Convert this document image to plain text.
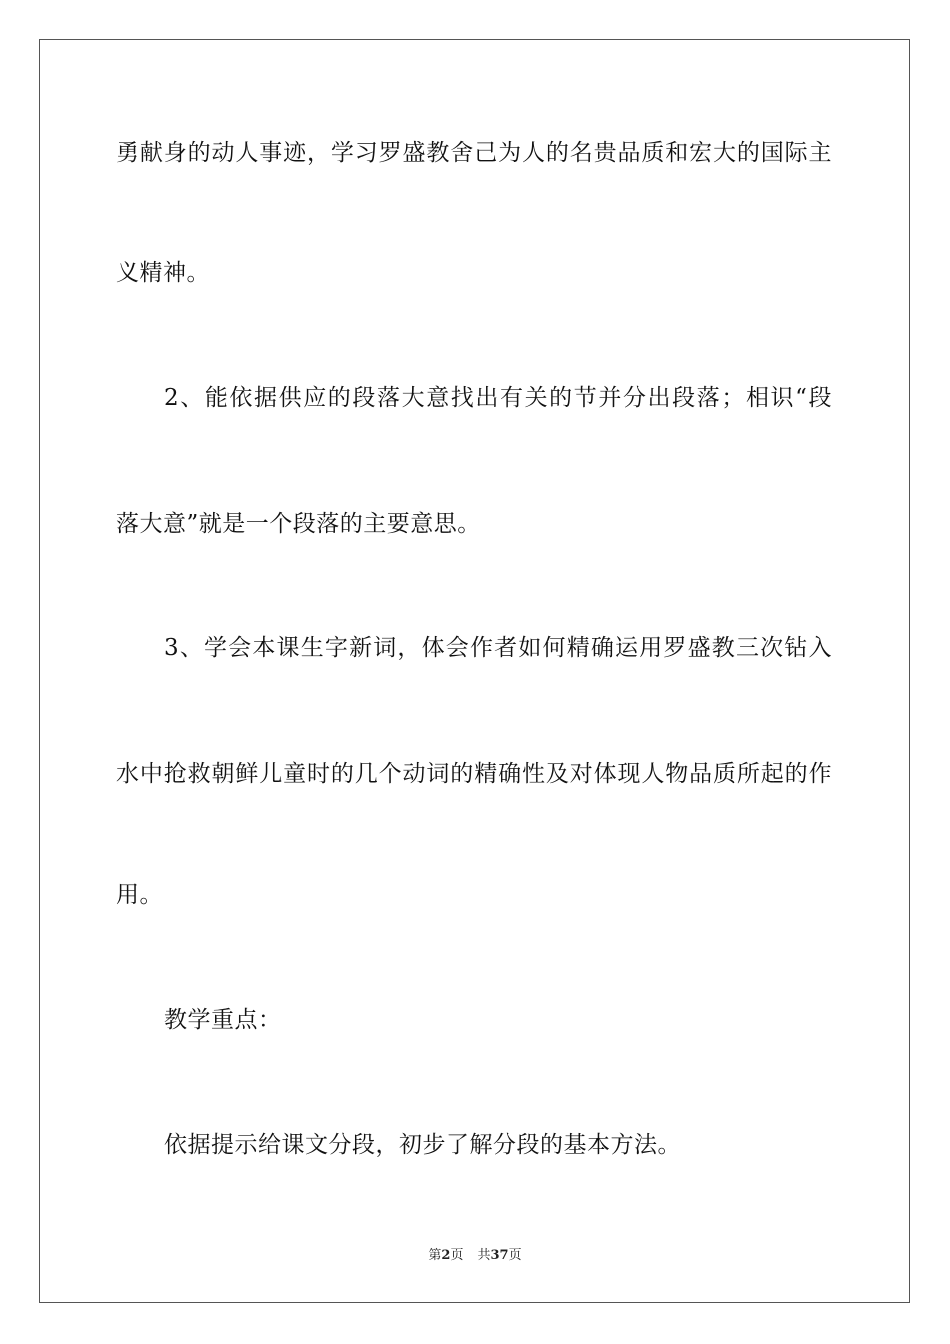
勇献身的动人事迹，学习罗盛教舍己为人的名贵品质和宏大的国际主
义精神。
2、能依据供应的段落大意找出有关的节并分出段落；相识“段
落大意”就是一个段落的主要意思。
3、学会本课生字新词，体会作者如何精确运用罗盛教三次钻入
水中抢救朝鲜儿童时的几个动词的精确性及对体现人物品质所起的作
用。
教学重点：
依据提示给课文分段，初步了解分段的基本方法。
第2页 共37页
